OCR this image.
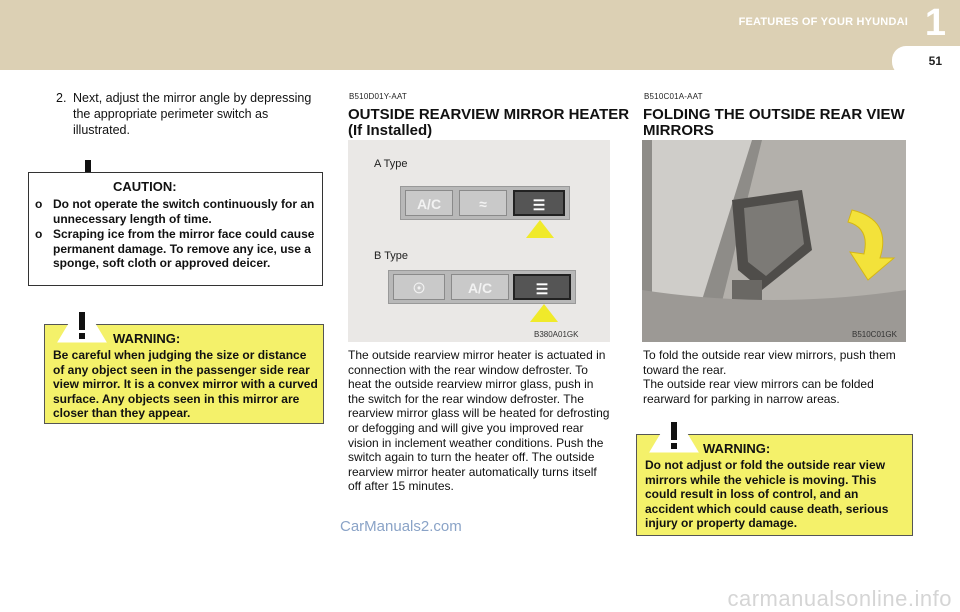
FEATURES OF YOUR HYUNDAI 1
51
2. Next, adjust the mirror angle by depressing the appropriate perimeter switch as illustrated.
CAUTION:
o Do not operate the switch continuously for an unnecessary length of time.
o Scraping ice from the mirror face could cause permanent damage. To remove any ice, use a sponge, soft cloth or approved deicer.
WARNING:
Be careful when judging the size or distance of any object seen in the passenger side rear view mirror. It is a convex mirror with a curved surface. Any objects seen in this mirror are closer than they appear.
B510D01Y-AAT
OUTSIDE REARVIEW MIRROR HEATER
(If Installed)
A Type
A/C	≈	☰
B Type
☉	A/C	☰
B380A01GK
The outside rearview mirror heater is actuated in connection with the rear window defroster. To heat the outside rearview mirror glass, push in the switch for the rear window defroster. The rearview mirror glass will be heated for defrosting or defogging and will give you improved rear vision in inclement weather conditions. Push the switch again to turn the heater off. The outside rearview mirror heater automatically turns itself off after 15 minutes.
B510C01A-AAT
FOLDING THE OUTSIDE REAR VIEW
MIRRORS
B510C01GK
To fold the outside rear view mirrors, push them toward the rear.
The outside rear view mirrors can be folded rearward for parking in narrow areas.
WARNING:
Do not adjust or fold the outside rear view mirrors while the vehicle is moving. This could result in loss of control, and an accident which could cause death, serious injury or property damage.
CarManuals2.com
carmanualsonline.info
